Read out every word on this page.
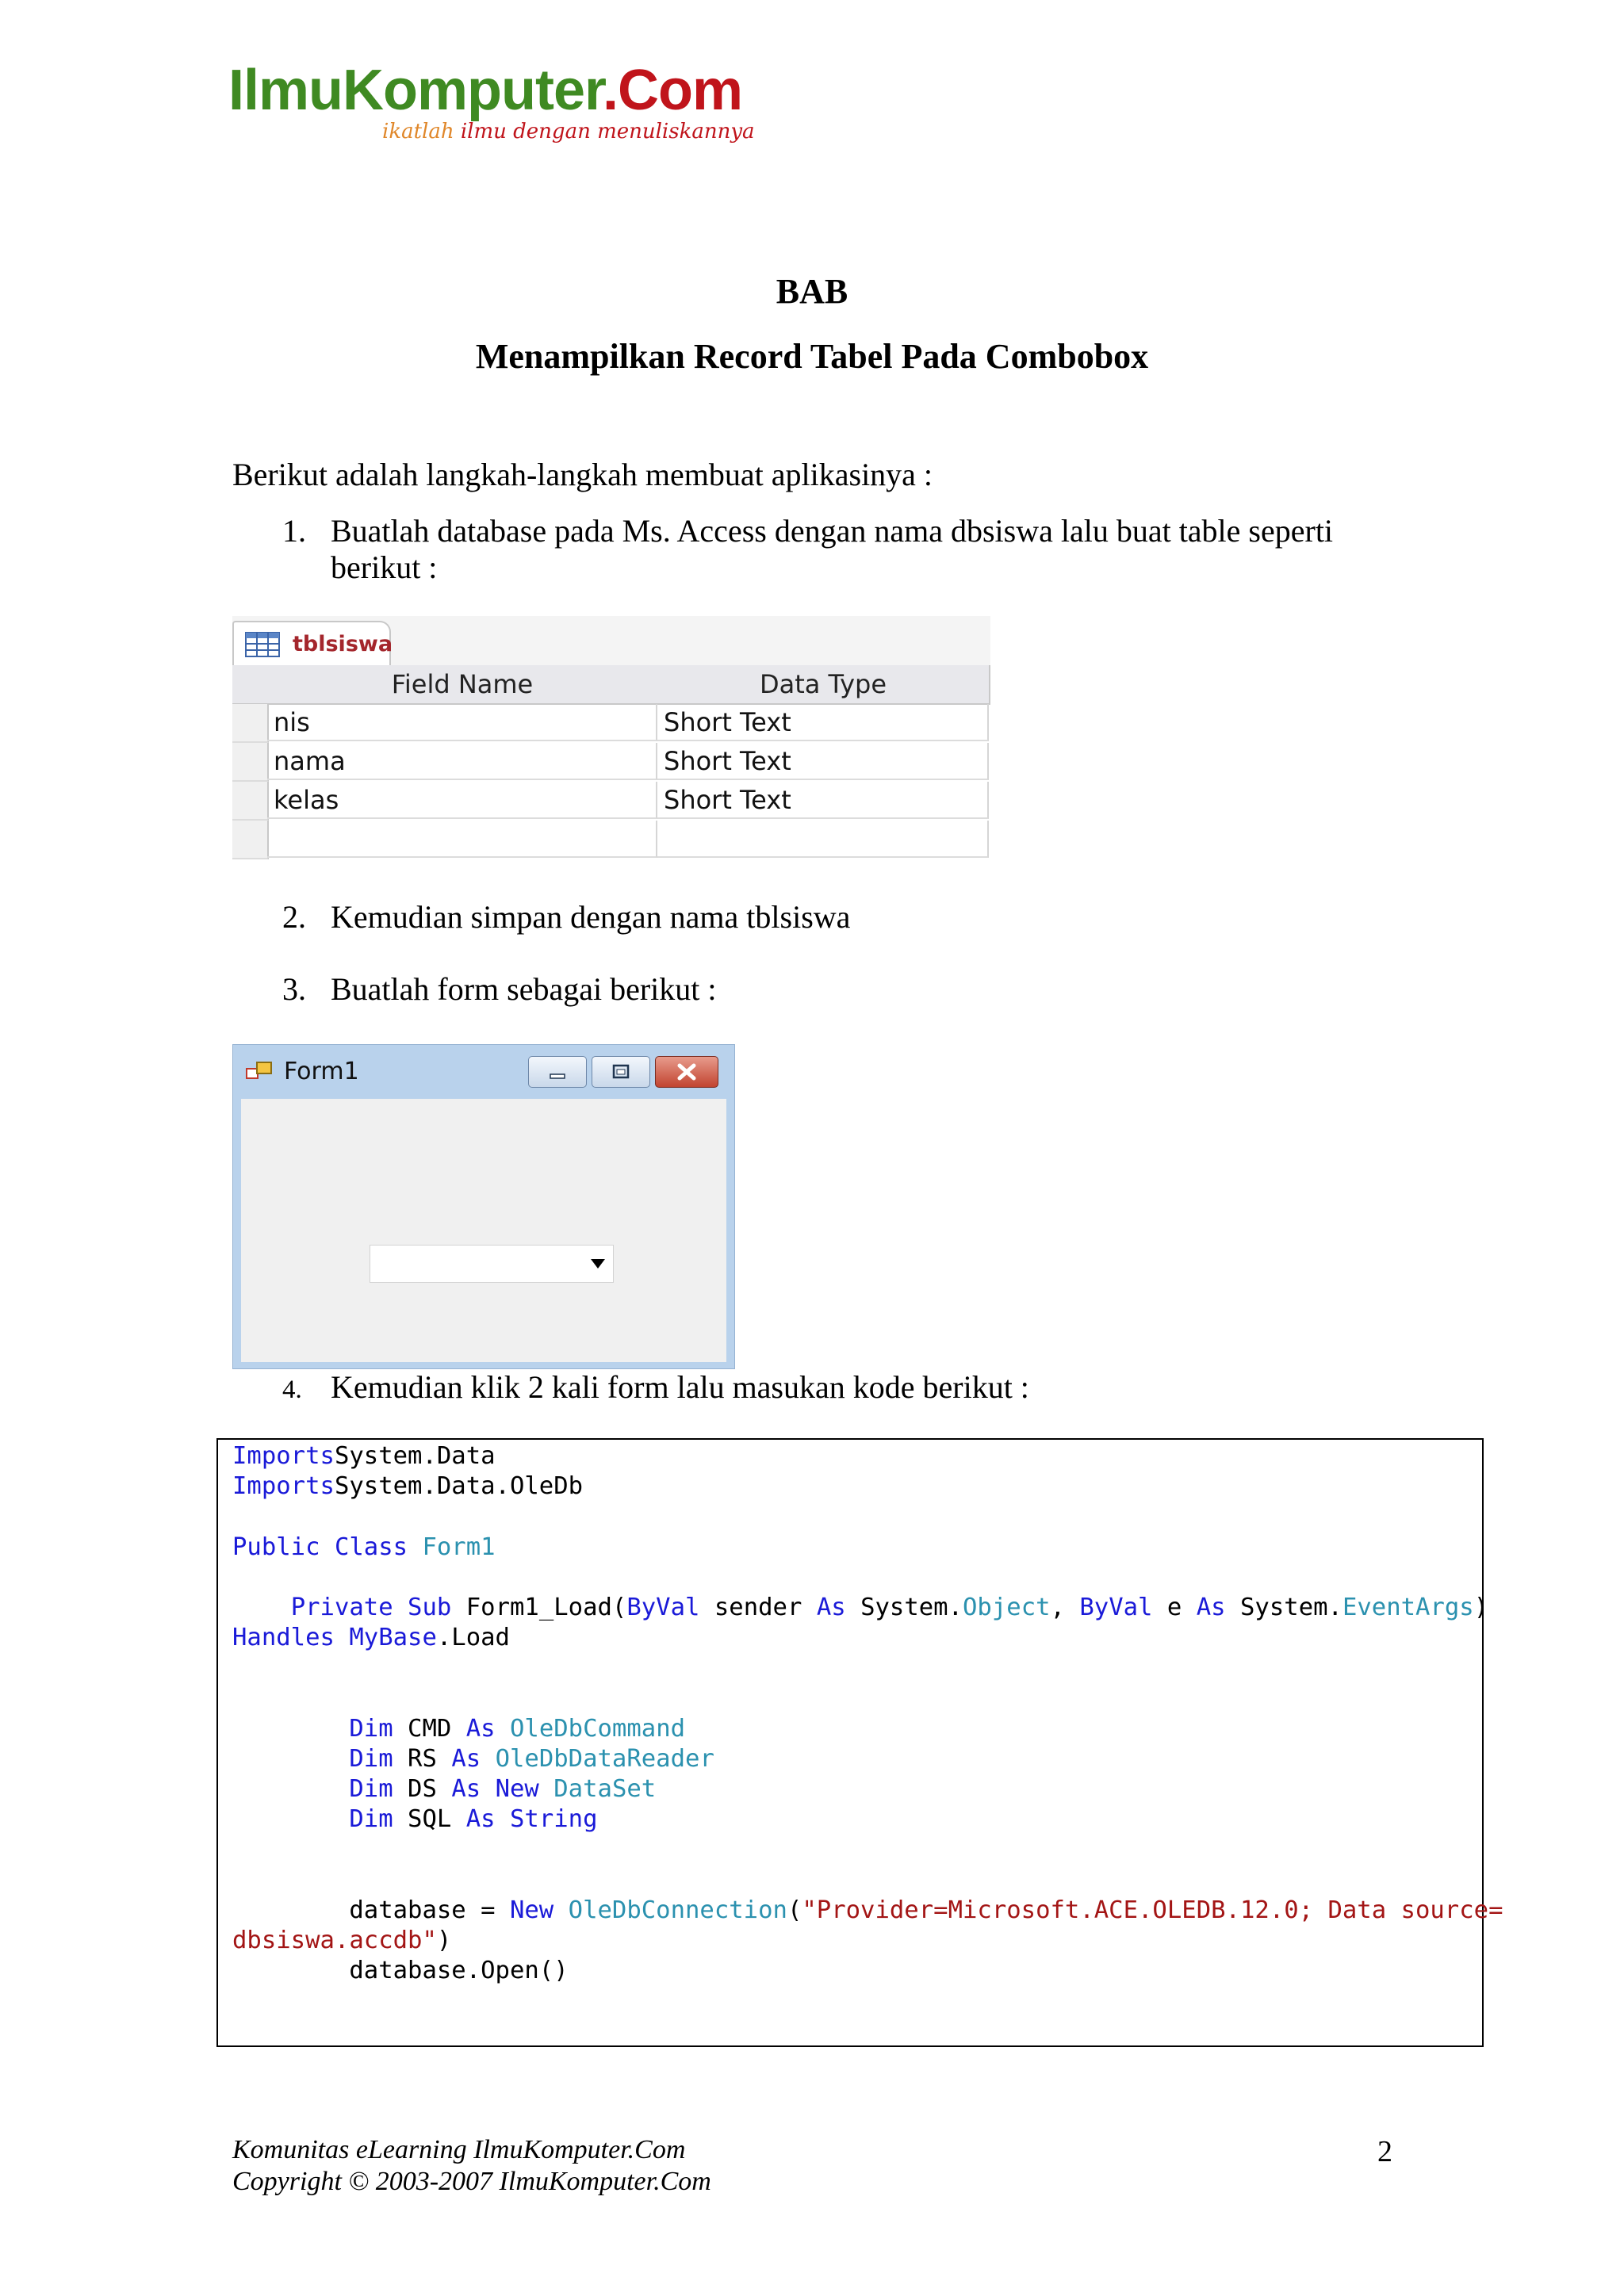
IlmuKomputer.Com
ikatlah ilmu dengan menuliskannya
BAB
Menampilkan Record Tabel Pada Combobox
Berikut adalah langkah-langkah membuat aplikasinya :
1. Buatlah database pada Ms. Access dengan nama dbsiswa lalu buat table seperti
berikut :
tblsiswa
Field Name	Data Type
nis	Short Text
nama	Short Text
kelas	Short Text
2. Kemudian simpan dengan nama tblsiswa
3. Buatlah form sebagai berikut :
Form1
4. Kemudian klik 2 kali form lalu masukan kode berikut :
ImportsSystem.Data
ImportsSystem.Data.OleDb

Public Class Form1

Private Sub Form1_Load(ByVal sender As System.Object, ByVal e As System.EventArgs)
Handles MyBase.Load

Dim CMD As OleDbCommand
Dim RS As OleDbDataReader
Dim DS As New DataSet
Dim SQL As String

database = New OleDbConnection("Provider=Microsoft.ACE.OLEDB.12.0; Data source=
dbsiswa.accdb")
database.Open()
Komunitas eLearning IlmuKomputer.Com
Copyright © 2003-2007 IlmuKomputer.Com
2
